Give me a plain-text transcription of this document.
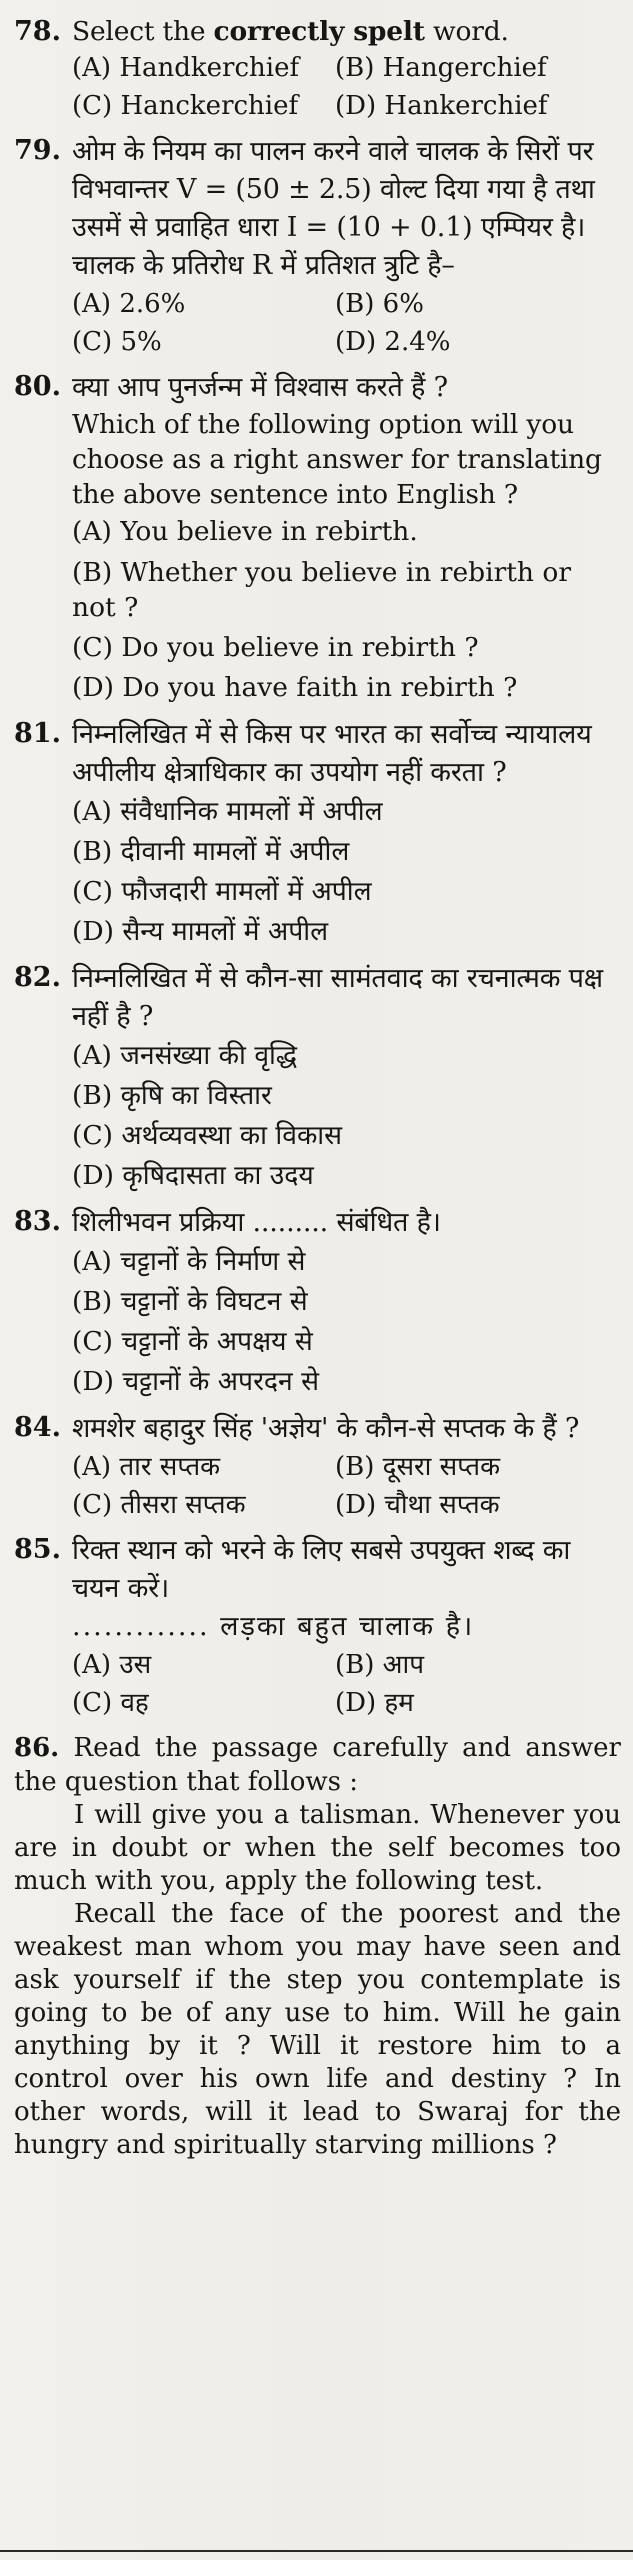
78. Select the correctly spelt word.

(A) Handkerchief	(B) Hangerchief
(C) Hanckerchief	(D) Hankerchief
79. ओम के नियम का पालन करने वाले चालक के सिरों पर विभवान्तर V = (50 ± 2.5) वोल्ट दिया गया है तथा उसमें से प्रवाहित धारा I = (10 + 0.1) एम्पियर है। चालक के प्रतिरोध R में प्रतिशत त्रुटि है–

(A) 2.6%	(B) 6%
(C) 5%	(D) 2.4%
80. क्या आप पुनर्जन्म में विश्वास करते हैं ?

Which of the following option will you choose as a right answer for translating the above sentence into English ?

(A) You believe in rebirth.
(B) Whether you believe in rebirth or not ?
(C) Do you believe in rebirth ?
(D) Do you have faith in rebirth ?
81. निम्नलिखित में से किस पर भारत का सर्वोच्च न्यायालय अपीलीय क्षेत्राधिकार का उपयोग नहीं करता ?

(A) संवैधानिक मामलों में अपील
(B) दीवानी मामलों में अपील
(C) फौजदारी मामलों में अपील
(D) सैन्य मामलों में अपील
82. निम्नलिखित में से कौन-सा सामंतवाद का रचनात्मक पक्ष नहीं है ?

(A) जनसंख्या की वृद्धि
(B) कृषि का विस्तार
(C) अर्थव्यवस्था का विकास
(D) कृषिदासता का उदय
83. शिलीभवन प्रक्रिया ......... संबंधित है।

(A) चट्टानों के निर्माण से
(B) चट्टानों के विघटन से
(C) चट्टानों के अपक्षय से
(D) चट्टानों के अपरदन से
84. शमशेर बहादुर सिंह 'अज्ञेय' के कौन-से सप्तक के हैं ?

(A) तार सप्तक	(B) दूसरा सप्तक
(C) तीसरा सप्तक	(D) चौथा सप्तक
85. रिक्त स्थान को भरने के लिए सबसे उपयुक्त शब्द का चयन करें।

............. लड़का बहुत चालाक है।

(A) उस	(B) आप
(C) वह	(D) हम

86. Read the passage carefully and answer the question that follows :

I will give you a talisman. Whenever you are in doubt or when the self becomes too much with you, apply the following test.

Recall the face of the poorest and the weakest man whom you may have seen and ask yourself if the step you contemplate is going to be of any use to him. Will he gain anything by it ? Will it restore him to a control over his own life and destiny ? In other words, will it lead to Swaraj for the hungry and spiritually starving millions ?
